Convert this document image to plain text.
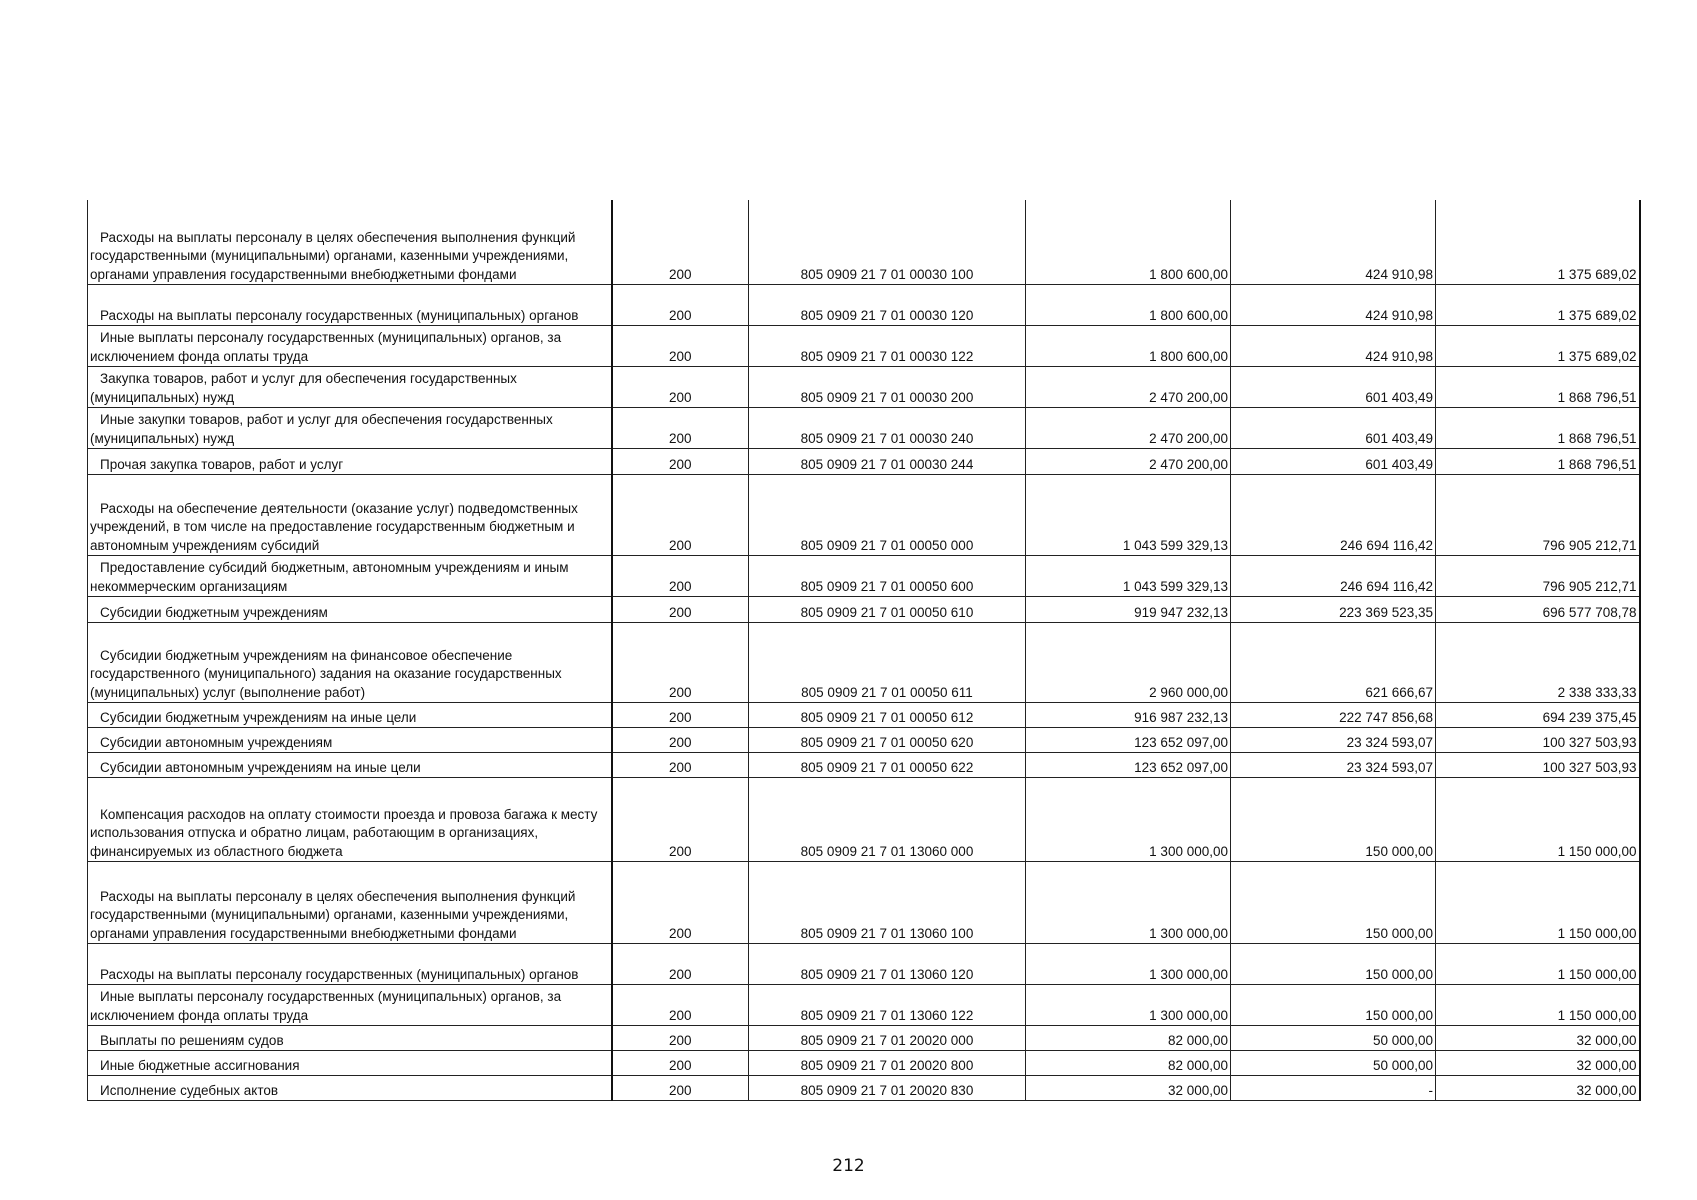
Расходы на выплаты персоналу в целях обеспечения выполнения функций государственными (муниципальными) органами, казенными учреждениями, органами управления государственными внебюджетными фондами	200	805 0909 21 7 01 00030 100	1 800 600,00	424 910,98	1 375 689,02
Расходы на выплаты персоналу государственных (муниципальных) органов	200	805 0909 21 7 01 00030 120	1 800 600,00	424 910,98	1 375 689,02
Иные выплаты персоналу государственных (муниципальных) органов, за исключением фонда оплаты труда	200	805 0909 21 7 01 00030 122	1 800 600,00	424 910,98	1 375 689,02
Закупка товаров, работ и услуг для обеспечения государственных (муниципальных) нужд	200	805 0909 21 7 01 00030 200	2 470 200,00	601 403,49	1 868 796,51
Иные закупки товаров, работ и услуг для обеспечения государственных (муниципальных) нужд	200	805 0909 21 7 01 00030 240	2 470 200,00	601 403,49	1 868 796,51
Прочая закупка товаров, работ и услуг	200	805 0909 21 7 01 00030 244	2 470 200,00	601 403,49	1 868 796,51
Расходы на обеспечение деятельности (оказание услуг) подведомственных учреждений, в том числе на предоставление государственным бюджетным и автономным учреждениям субсидий	200	805 0909 21 7 01 00050 000	1 043 599 329,13	246 694 116,42	796 905 212,71
Предоставление субсидий бюджетным, автономным учреждениям и иным некоммерческим организациям	200	805 0909 21 7 01 00050 600	1 043 599 329,13	246 694 116,42	796 905 212,71
Субсидии бюджетным учреждениям	200	805 0909 21 7 01 00050 610	919 947 232,13	223 369 523,35	696 577 708,78
Субсидии бюджетным учреждениям на финансовое обеспечение государственного (муниципального) задания на оказание государственных (муниципальных) услуг (выполнение работ)	200	805 0909 21 7 01 00050 611	2 960 000,00	621 666,67	2 338 333,33
Субсидии бюджетным учреждениям на иные цели	200	805 0909 21 7 01 00050 612	916 987 232,13	222 747 856,68	694 239 375,45
Субсидии автономным учреждениям	200	805 0909 21 7 01 00050 620	123 652 097,00	23 324 593,07	100 327 503,93
Субсидии автономным учреждениям на иные цели	200	805 0909 21 7 01 00050 622	123 652 097,00	23 324 593,07	100 327 503,93
Компенсация расходов на оплату стоимости проезда и провоза багажа к месту использования отпуска и обратно лицам, работающим в организациях, финансируемых из областного бюджета	200	805 0909 21 7 01 13060 000	1 300 000,00	150 000,00	1 150 000,00
Расходы на выплаты персоналу в целях обеспечения выполнения функций государственными (муниципальными) органами, казенными учреждениями, органами управления государственными внебюджетными фондами	200	805 0909 21 7 01 13060 100	1 300 000,00	150 000,00	1 150 000,00
Расходы на выплаты персоналу государственных (муниципальных) органов	200	805 0909 21 7 01 13060 120	1 300 000,00	150 000,00	1 150 000,00
Иные выплаты персоналу государственных (муниципальных) органов, за исключением фонда оплаты труда	200	805 0909 21 7 01 13060 122	1 300 000,00	150 000,00	1 150 000,00
Выплаты по решениям судов	200	805 0909 21 7 01 20020 000	82 000,00	50 000,00	32 000,00
Иные бюджетные ассигнования	200	805 0909 21 7 01 20020 800	82 000,00	50 000,00	32 000,00
Исполнение судебных актов	200	805 0909 21 7 01 20020 830	32 000,00	-	32 000,00
212
